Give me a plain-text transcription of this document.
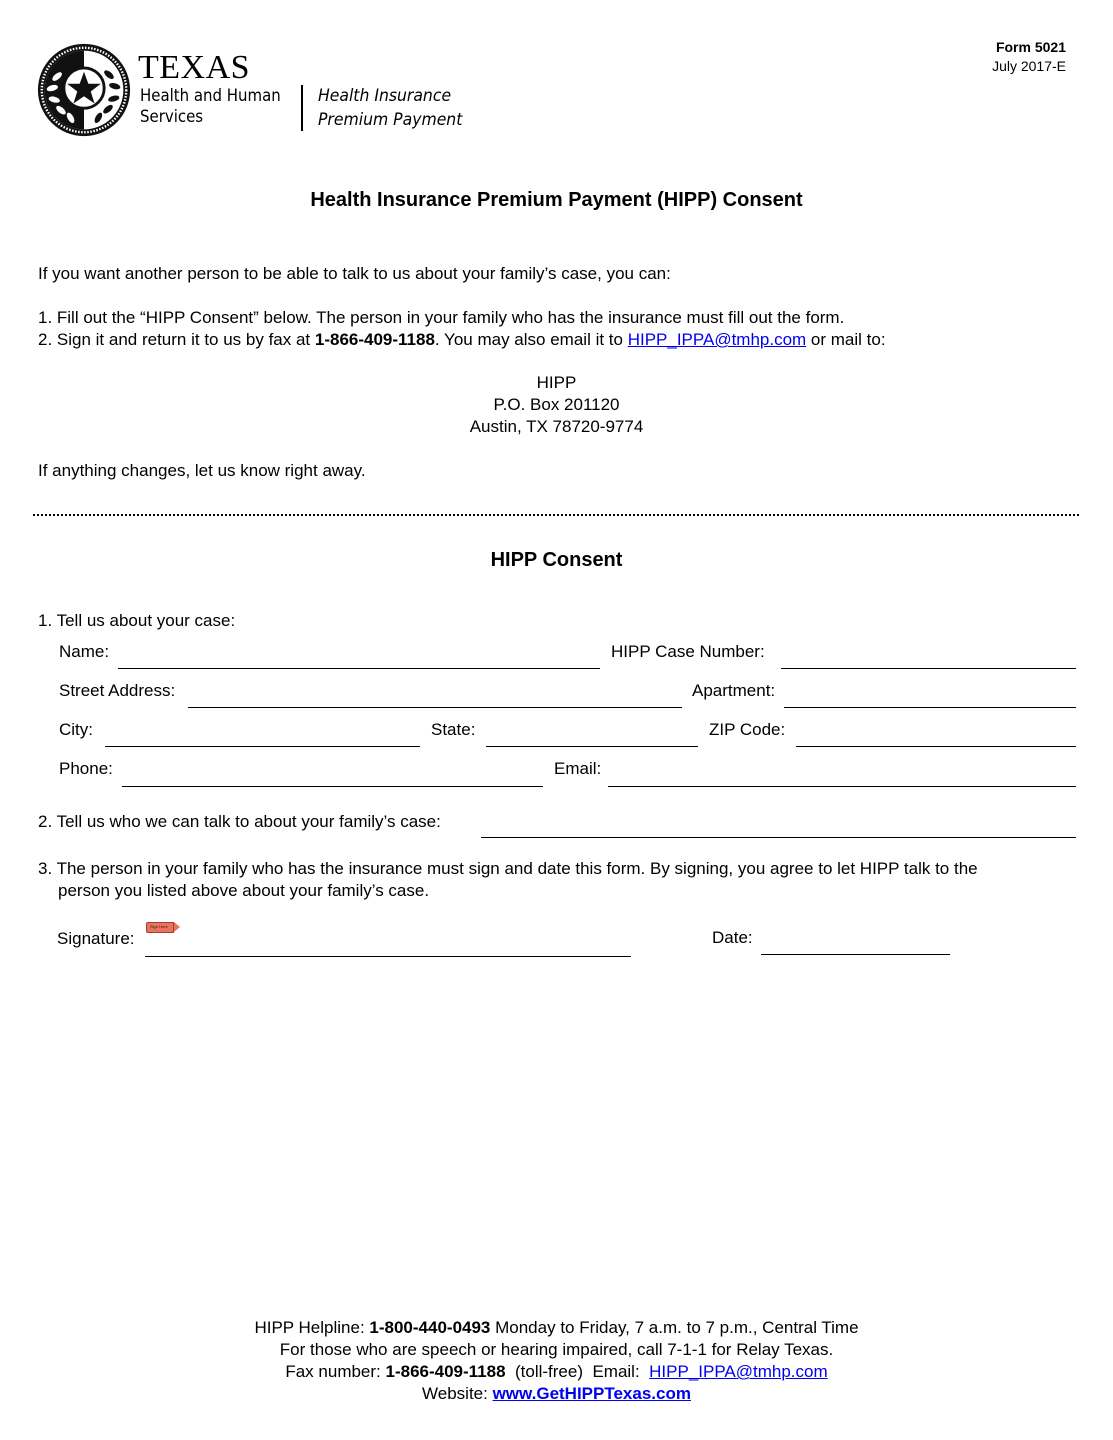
TEXAS
Health and Human
Services
Health Insurance
Premium Payment
Form 5021
July 2017-E
Health Insurance Premium Payment (HIPP) Consent
If you want another person to be able to talk to us about your family’s case, you can:
1. Fill out the “HIPP Consent” below. The person in your family who has the insurance must fill out the form.
2. Sign it and return it to us by fax at 1-866-409-1188. You may also email it to HIPP_IPPA@tmhp.com or mail to:
HIPP
P.O. Box 201120
Austin, TX 78720-9774
If anything changes, let us know right away.
HIPP Consent
1. Tell us about your case:
Name:	HIPP Case Number:
Street Address:	Apartment:
City:	State:	ZIP Code:
Phone:	Email:
2. Tell us who we can talk to about your family’s case:
3. The person in your family who has the insurance must sign and date this form. By signing, you agree to let HIPP talk to the
person you listed above about your family’s case.
Signature:
Sign Here
Date:
HIPP Helpline: 1-800-440-0493 Monday to Friday, 7 a.m. to 7 p.m., Central Time
For those who are speech or hearing impaired, call 7-1-1 for Relay Texas.
Fax number: 1-866-409-1188  (toll-free)  Email:  HIPP_IPPA@tmhp.com
Website: www.GetHIPPTexas.com
